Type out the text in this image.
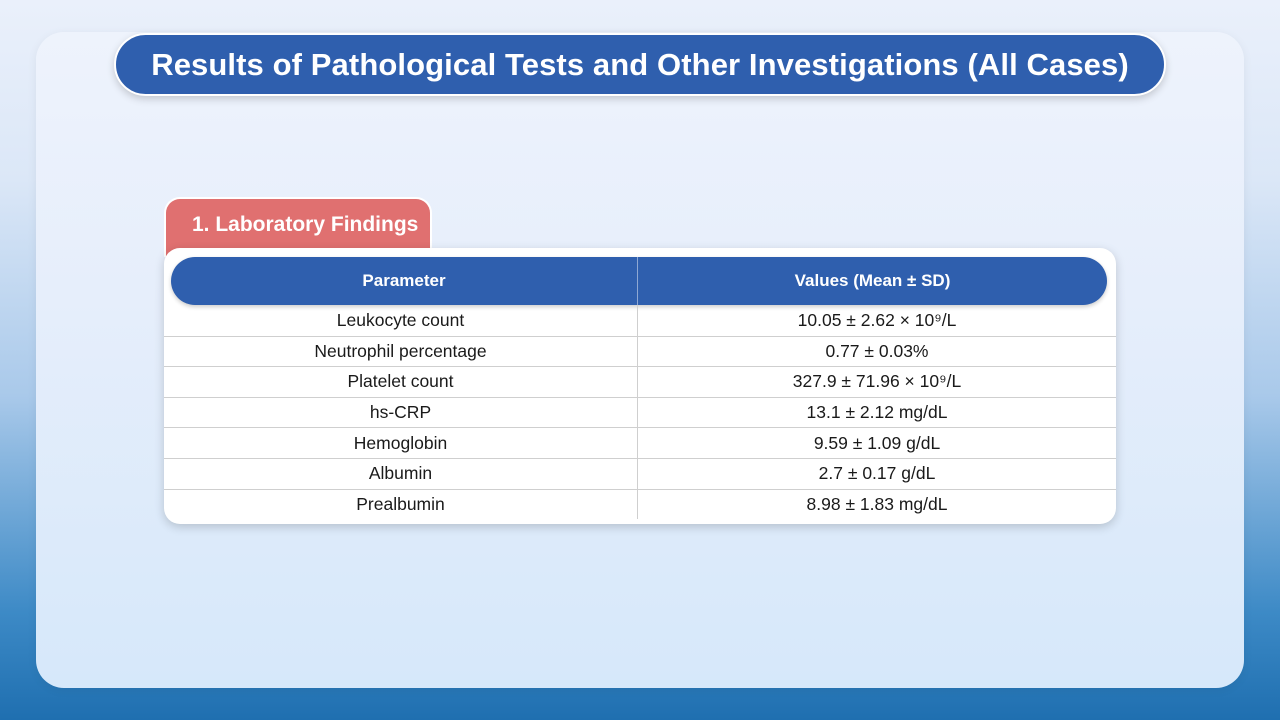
Results of Pathological Tests and Other Investigations (All Cases)
1. Laboratory Findings
Parameter	Values (Mean ± SD)
Leukocyte count	10.05 ± 2.62 × 10⁹/L
Neutrophil percentage	0.77 ± 0.03%
Platelet count	327.9 ± 71.96 × 10⁹/L
hs-CRP	13.1 ± 2.12 mg/dL
Hemoglobin	9.59 ± 1.09 g/dL
Albumin	2.7 ± 0.17 g/dL
Prealbumin	8.98 ± 1.83 mg/dL
